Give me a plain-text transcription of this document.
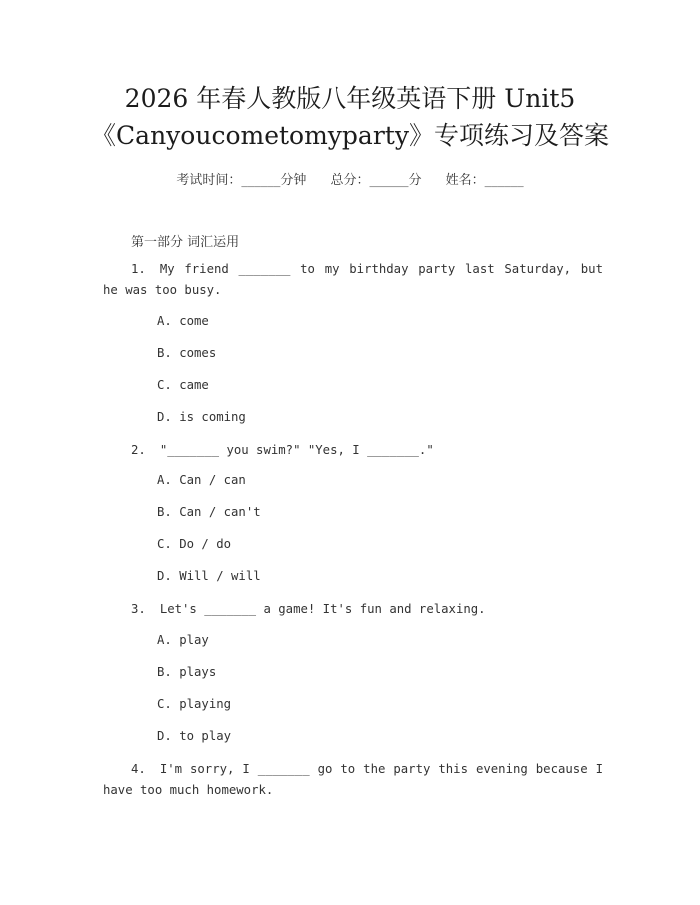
2026 年春人教版八年级英语下册 Unit5
《Canyoucometomyparty》专项练习及答案
考试时间：______分钟 总分：______分 姓名：______
第一部分 词汇运用
1. My friend _______ to my birthday party last Saturday, but he was too busy.
A. come
B. comes
C. came
D. is coming
2. "_______ you swim?" "Yes, I _______."
A. Can / can
B. Can / can't
C. Do / do
D. Will / will
3. Let's _______ a game! It's fun and relaxing.
A. play
B. plays
C. playing
D. to play
4. I'm sorry, I _______ go to the party this evening because I have too much homework.
